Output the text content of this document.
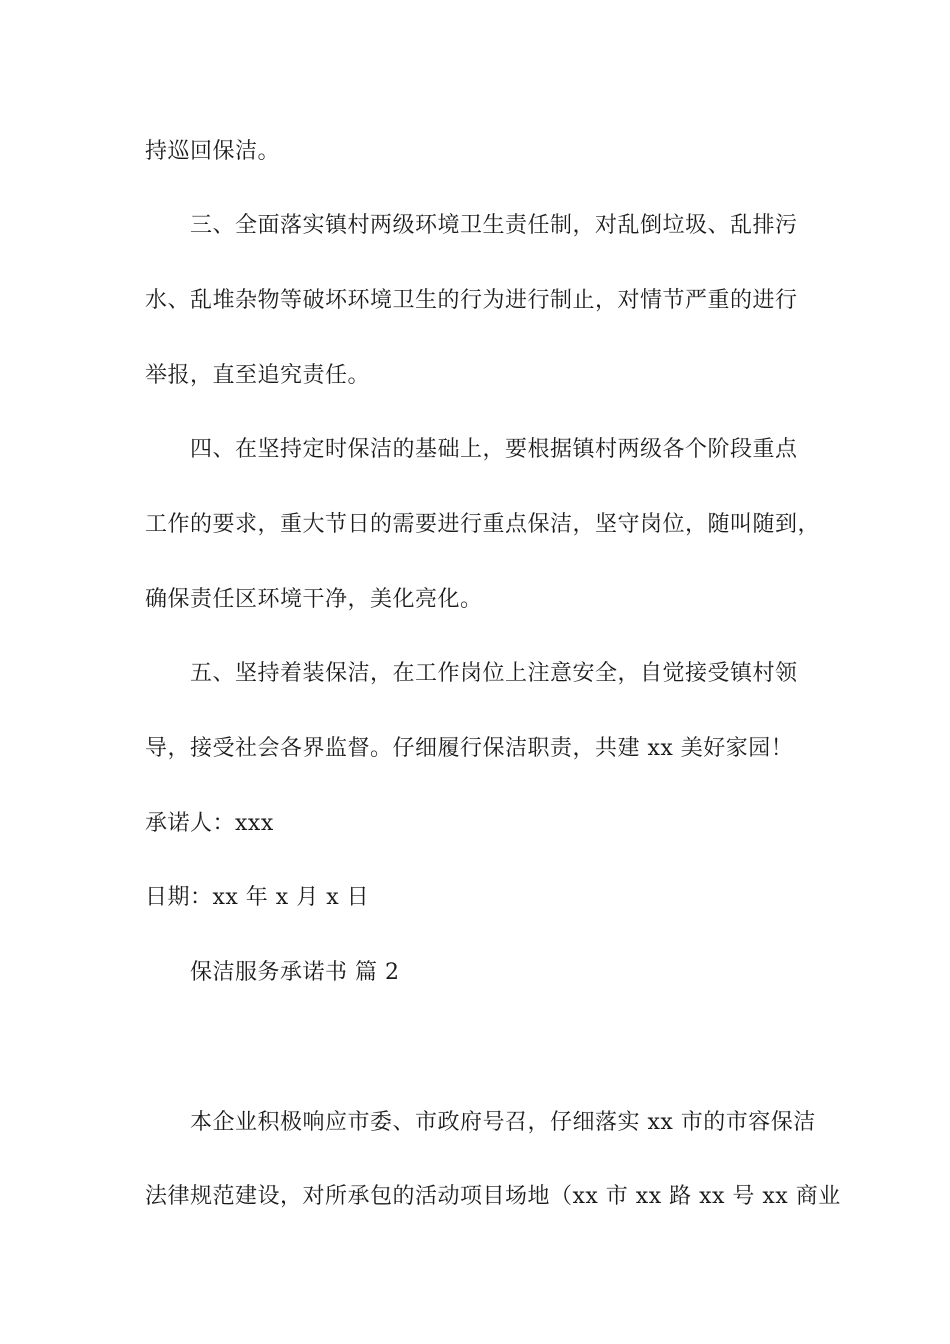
持巡回保洁。
三、全面落实镇村两级环境卫生责任制，对乱倒垃圾、乱排污
水、乱堆杂物等破坏环境卫生的行为进行制止，对情节严重的进行
举报，直至追究责任。
四、在坚持定时保洁的基础上，要根据镇村两级各个阶段重点
工作的要求，重大节日的需要进行重点保洁，坚守岗位，随叫随到，
确保责任区环境干净，美化亮化。
五、坚持着装保洁，在工作岗位上注意安全，自觉接受镇村领
导，接受社会各界监督。仔细履行保洁职责，共建 xx 美好家园！
承诺人：xxx
日期：xx 年 x 月 x 日
保洁服务承诺书 篇 2
本企业积极响应市委、市政府号召，仔细落实 xx 市的市容保洁
法律规范建设，对所承包的活动项目场地（xx 市 xx 路 xx 号 xx 商业
